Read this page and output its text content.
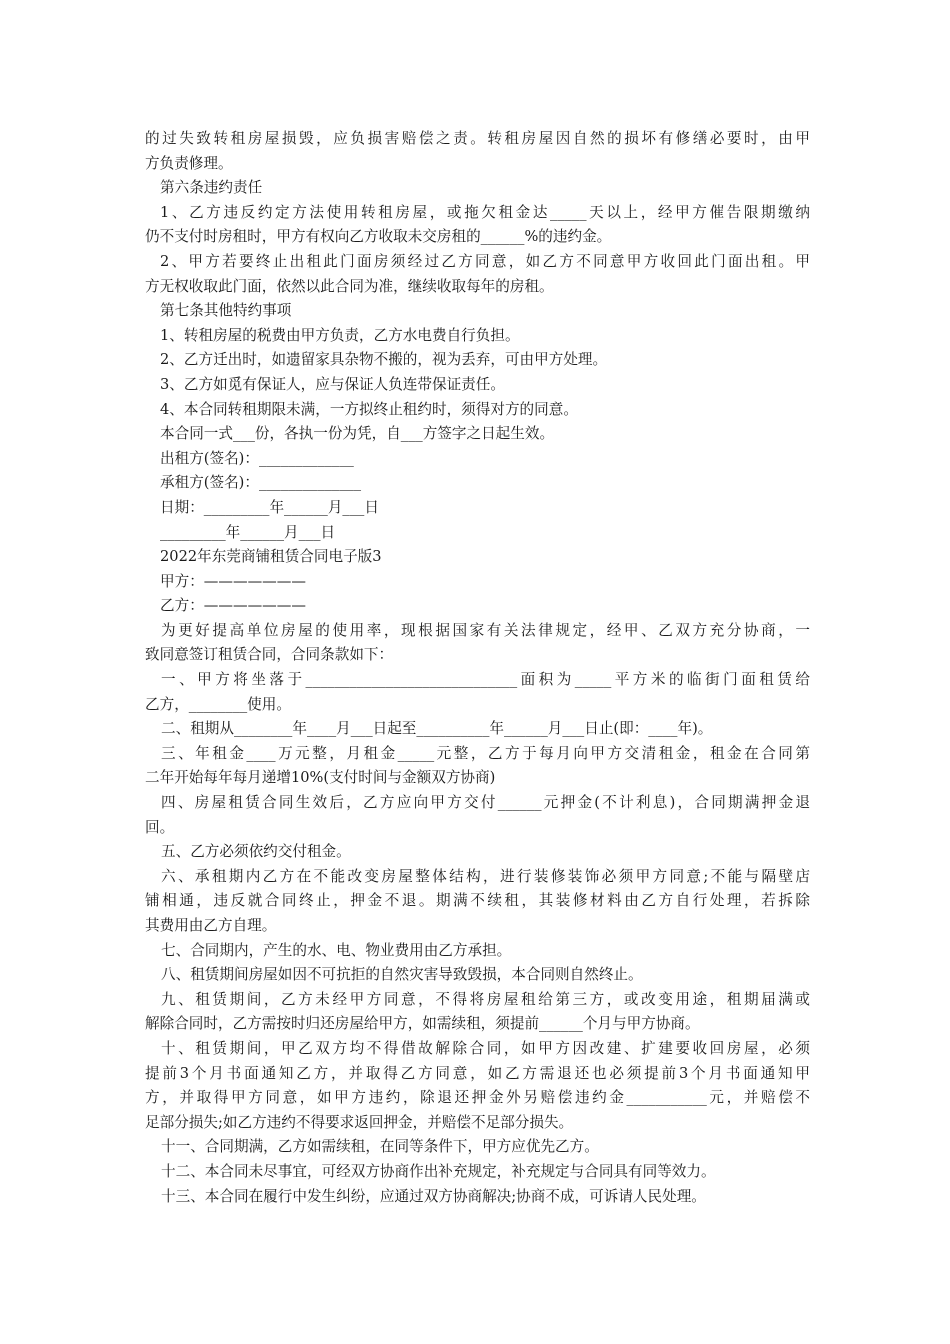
的过失致转租房屋损毁，应负损害赔偿之责。转租房屋因自然的损坏有修缮必要时，由甲
方负责修理。
第六条违约责任
1、乙方违反约定方法使用转租房屋，或拖欠租金达_____天以上，经甲方催告限期缴纳
仍不支付时房租时，甲方有权向乙方收取未交房租的______%的违约金。
2、甲方若要终止出租此门面房须经过乙方同意，如乙方不同意甲方收回此门面出租。甲
方无权收取此门面，依然以此合同为准，继续收取每年的房租。
第七条其他特约事项
1、转租房屋的税费由甲方负责，乙方水电费自行负担。
2、乙方迁出时，如遗留家具杂物不搬的，视为丢弃，可由甲方处理。
3、乙方如觅有保证人，应与保证人负连带保证责任。
4、本合同转租期限未满，一方拟终止租约时，须得对方的同意。
本合同一式___份，各执一份为凭，自___方签字之日起生效。
出租方(签名)：_____________
承租方(签名)：______________
日期：_________年______月___日
_________年______月___日
2022年东莞商铺租赁合同电子版3
甲方：———————
乙方：———————
为更好提高单位房屋的使用率，现根据国家有关法律规定，经甲、乙双方充分协商，一
致同意签订租赁合同，合同条款如下：
一、甲方将坐落于_____________________________面积为_____平方米的临街门面租赁给
乙方，________使用。
二、租期从________年____月___日起至__________年______月___日止(即：____年)。
三、年租金____万元整，月租金_____元整，乙方于每月向甲方交清租金，租金在合同第
二年开始每年每月递增10%(支付时间与金额双方协商)
四、房屋租赁合同生效后，乙方应向甲方交付______元押金(不计利息)，合同期满押金退
回。
五、乙方必须依约交付租金。
六、承租期内乙方在不能改变房屋整体结构，进行装修装饰必须甲方同意;不能与隔壁店
铺相通，违反就合同终止，押金不退。期满不续租，其装修材料由乙方自行处理，若拆除
其费用由乙方自理。
七、合同期内，产生的水、电、物业费用由乙方承担。
八、租赁期间房屋如因不可抗拒的自然灾害导致毁损，本合同则自然终止。
九、租赁期间，乙方未经甲方同意，不得将房屋租给第三方，或改变用途，租期届满或
解除合同时，乙方需按时归还房屋给甲方，如需续租，须提前______个月与甲方协商。
十、租赁期间，甲乙双方均不得借故解除合同，如甲方因改建、扩建要收回房屋，必须
提前3个月书面通知乙方，并取得乙方同意，如乙方需退还也必须提前3个月书面通知甲
方，并取得甲方同意，如甲方违约，除退还押金外另赔偿违约金___________元，并赔偿不
足部分损失;如乙方违约不得要求返回押金，并赔偿不足部分损失。
十一、合同期满，乙方如需续租，在同等条件下，甲方应优先乙方。
十二、本合同未尽事宜，可经双方协商作出补充规定，补充规定与合同具有同等效力。
十三、本合同在履行中发生纠纷，应通过双方协商解决;协商不成，可诉请人民处理。
